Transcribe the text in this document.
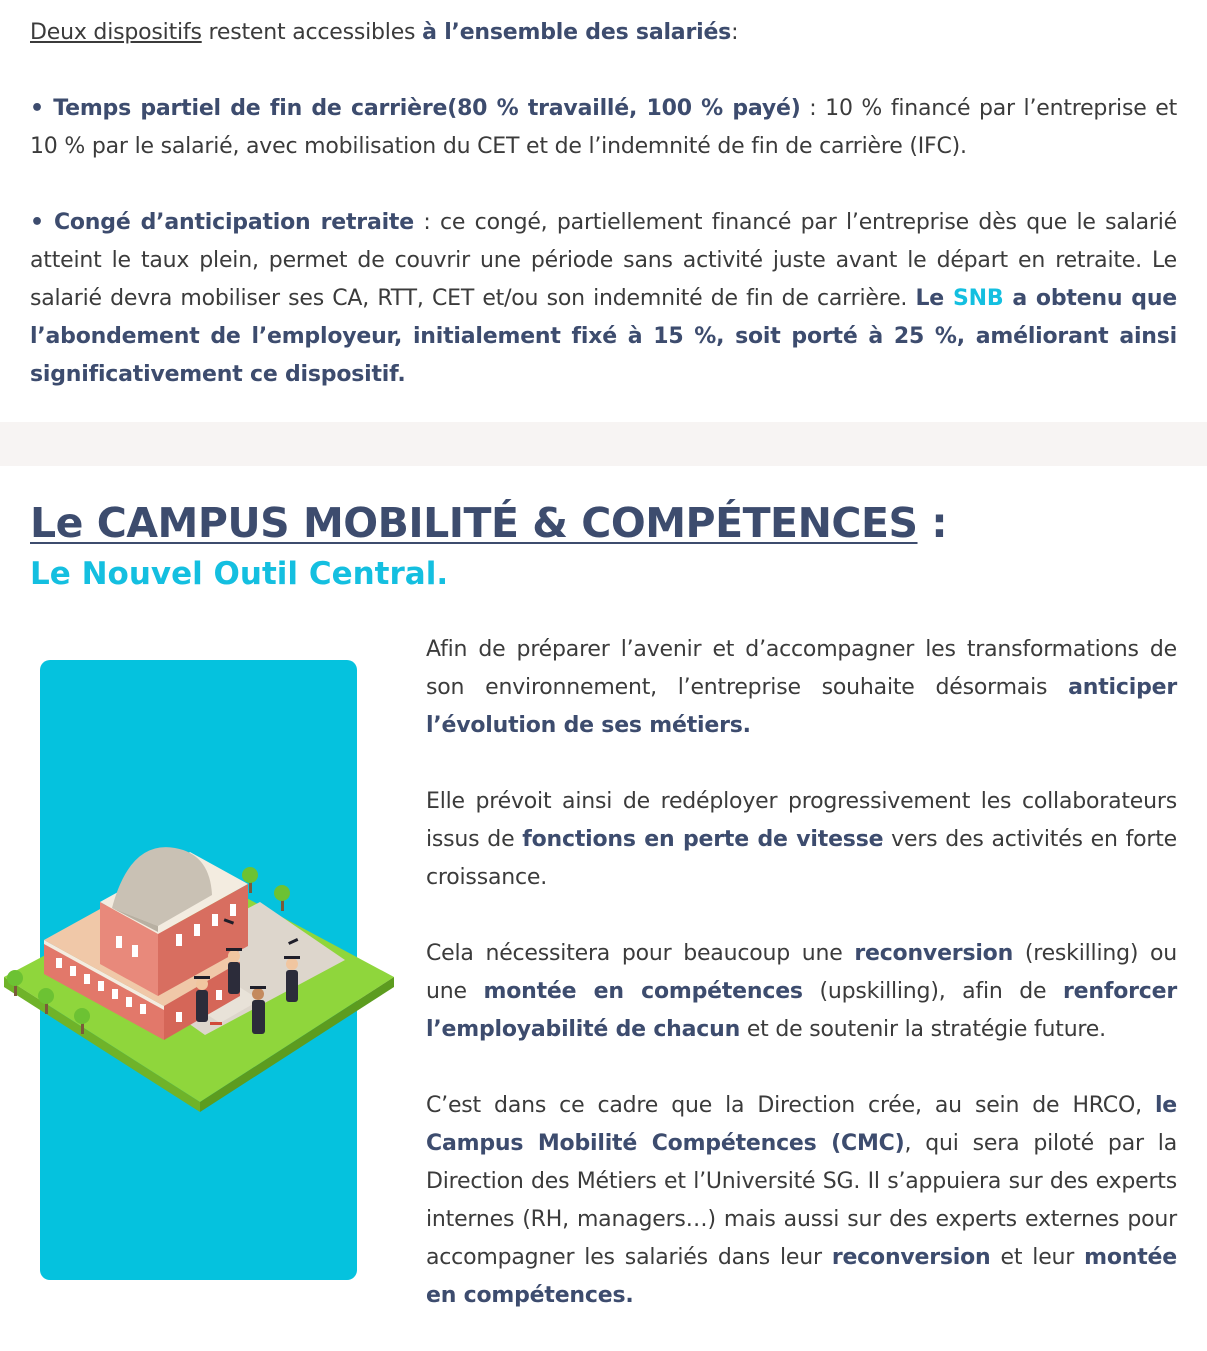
Deux dispositifs restent accessibles à l’ensemble des salariés:

• Temps partiel de fin de carrière(80 % travaillé, 100 % payé) : 10 % financé par l’entreprise et 10 % par le salarié, avec mobilisation du CET et de l’indemnité de fin de carrière (IFC).

• Congé d’anticipation retraite : ce congé, partiellement financé par l’entreprise dès que le salarié atteint le taux plein, permet de couvrir une période sans activité juste avant le départ en retraite. Le salarié devra mobiliser ses CA, RTT, CET et/ou son indemnité de fin de carrière. Le SNB a obtenu que l’abondement de l’employeur, initialement fixé à 15 %, soit porté à 25 %, améliorant ainsi significativement ce dispositif.

Le CAMPUS MOBILITÉ & COMPÉTENCES :
Le Nouvel Outil Central.

Afin de préparer l’avenir et d’accompagner les transformations de son environnement, l’entreprise souhaite désormais anticiper l’évolution de ses métiers.

Elle prévoit ainsi de redéployer progressivement les collaborateurs issus de fonctions en perte de vitesse vers des activités en forte croissance.

Cela nécessitera pour beaucoup une reconversion (reskilling) ou une montée en compétences (upskilling), afin de renforcer l’employabilité de chacun et de soutenir la stratégie future.

C’est dans ce cadre que la Direction crée, au sein de HRCO, le Campus Mobilité Compétences (CMC), qui sera piloté par la Direction des Métiers et l’Université SG. Il s’appuiera sur des experts internes (RH, managers…) mais aussi sur des experts externes pour accompagner les salariés dans leur reconversion et leur montée en compétences.
